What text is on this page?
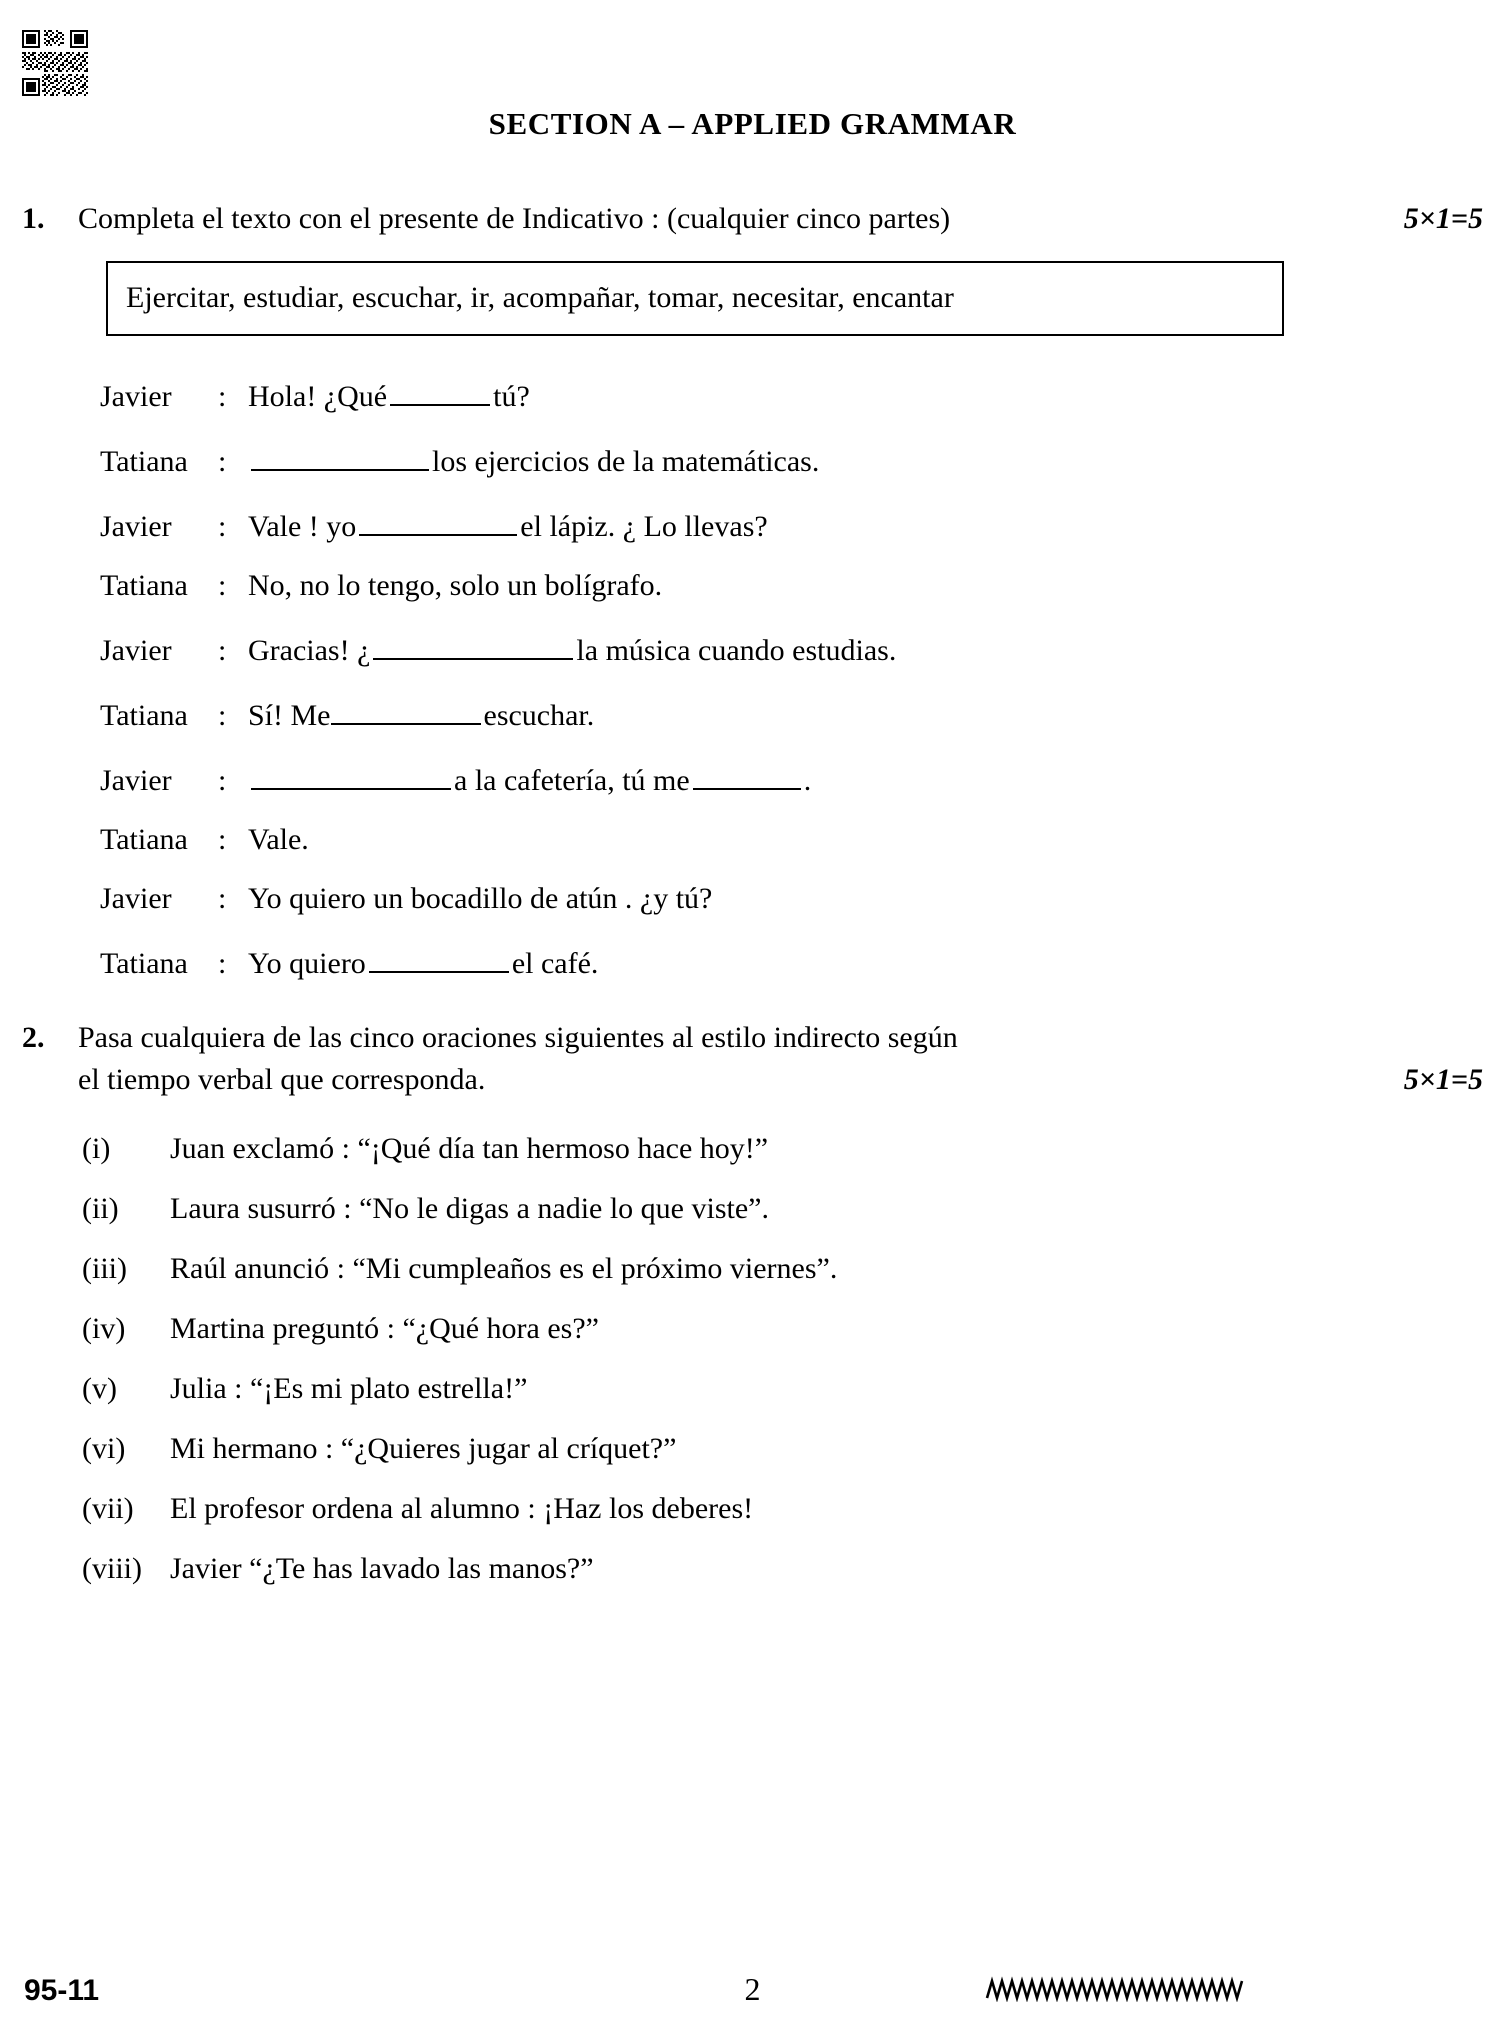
SECTION A – APPLIED GRAMMAR
1.	Completa el texto con el presente de Indicativo : (cualquier cinco partes)	5×1=5
Ejercitar, estudiar, escuchar, ir, acompañar, tomar, necesitar, encantar
Javier	: Hola! ¿Qué	tú?
Tatiana	:	los ejercicios de la matemáticas.
Javier	: Vale ! yo	el lápiz. ¿ Lo llevas?
Tatiana	: No, no lo tengo, solo un bolígrafo.
Javier	: Gracias! ¿	la música cuando estudias.
Tatiana	: Sí! Me	escuchar.
Javier	:	a la cafetería, tú me	.
Tatiana	: Vale.
Javier	: Yo quiero un bocadillo de atún . ¿y tú?
Tatiana	: Yo quiero	el café.
2.	Pasa cualquiera de las cinco oraciones siguientes al estilo indirecto según
el tiempo verbal que corresponda.	5×1=5
(i)	Juan exclamó : “¡Qué día tan hermoso hace hoy!”
(ii)	Laura susurró : “No le digas a nadie lo que viste”.
(iii)	Raúl anunció : “Mi cumpleaños es el próximo viernes”.
(iv)	Martina preguntó : “¿Qué hora es?”
(v)	Julia : “¡Es mi plato estrella!”
(vi)	Mi hermano : “¿Quieres jugar al críquet?”
(vii)	El profesor ordena al alumno : ¡Haz los deberes!
(viii) Javier “¿Te has lavado las manos?”
95-11	2
